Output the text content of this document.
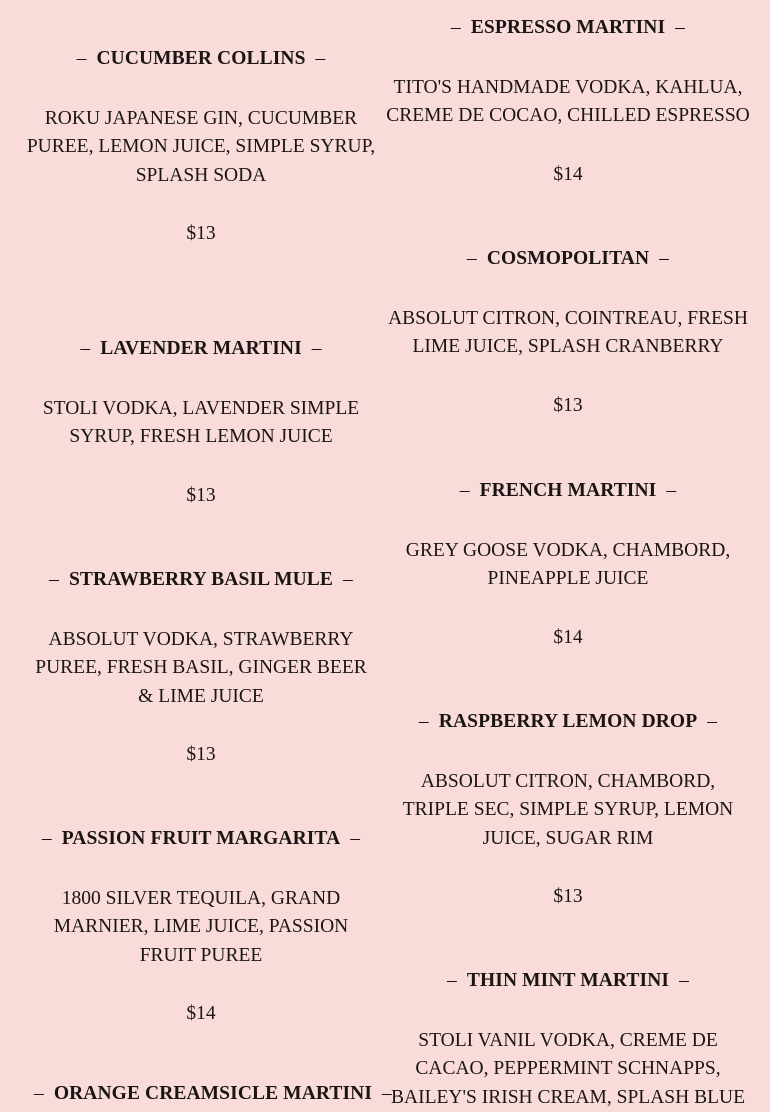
– CUCUMBER COLLINS –
ROKU JAPANESE GIN, CUCUMBER PUREE, LEMON JUICE, SIMPLE SYRUP, SPLASH SODA
$13
– LAVENDER MARTINI –
STOLI VODKA, LAVENDER SIMPLE SYRUP, FRESH LEMON JUICE
$13
– STRAWBERRY BASIL MULE –
ABSOLUT VODKA, STRAWBERRY PUREE, FRESH BASIL, GINGER BEER & LIME JUICE
$13
– PASSION FRUIT MARGARITA –
1800 SILVER TEQUILA, GRAND MARNIER, LIME JUICE, PASSION FRUIT PUREE
$14
– ORANGE CREAMSICLE MARTINI –
– ESPRESSO MARTINI –
TITO'S HANDMADE VODKA, KAHLUA, CREME DE COCAO, CHILLED ESPRESSO
$14
– COSMOPOLITAN –
ABSOLUT CITRON, COINTREAU, FRESH LIME JUICE, SPLASH CRANBERRY
$13
– FRENCH MARTINI –
GREY GOOSE VODKA, CHAMBORD, PINEAPPLE JUICE
$14
– RASPBERRY LEMON DROP –
ABSOLUT CITRON, CHAMBORD, TRIPLE SEC, SIMPLE SYRUP, LEMON JUICE, SUGAR RIM
$13
– THIN MINT MARTINI –
STOLI VANIL VODKA, CREME DE CACAO, PEPPERMINT SCHNAPPS, BAILEY'S IRISH CREAM, SPLASH BLUE
